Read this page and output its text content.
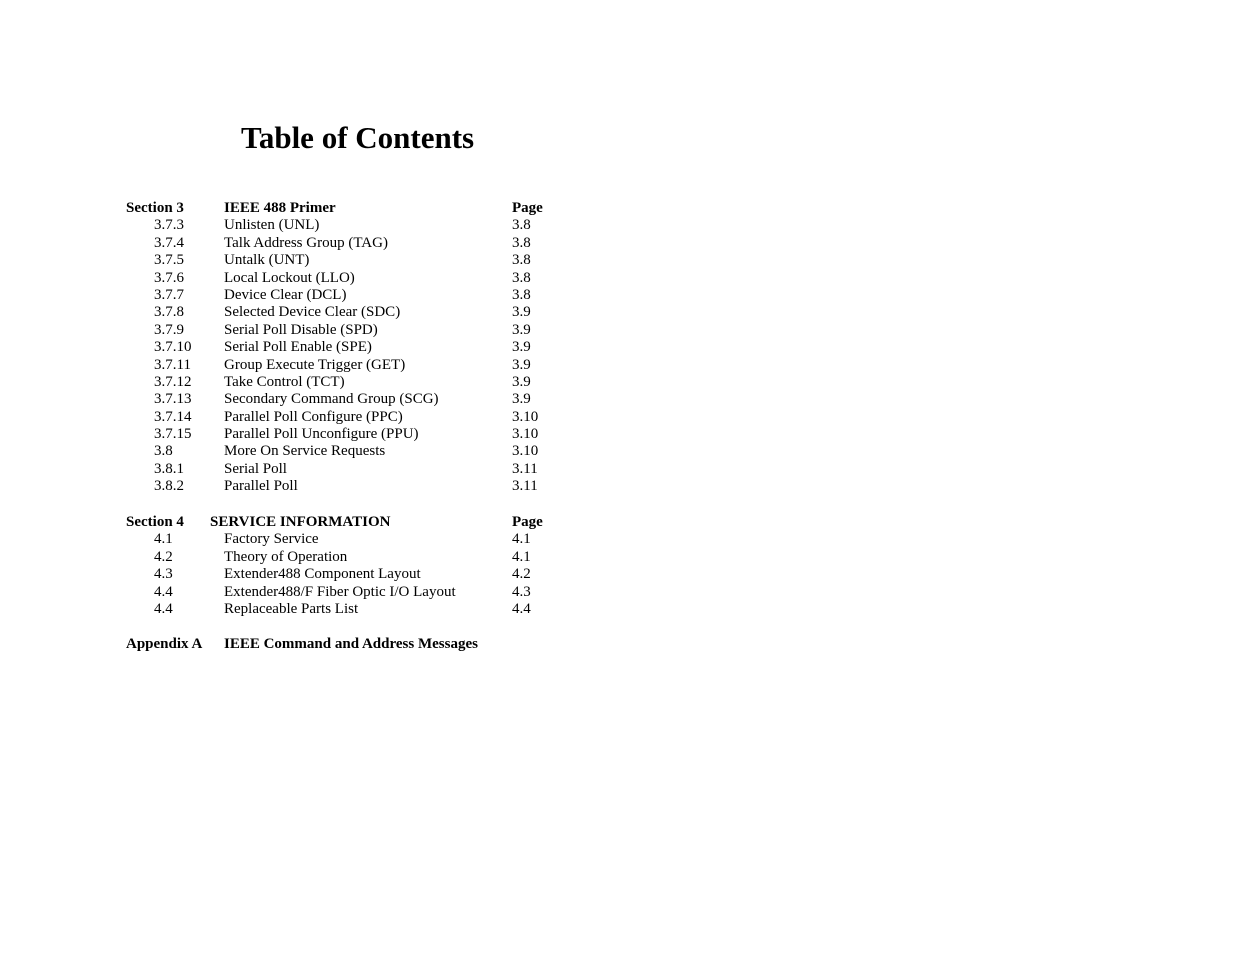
Table of Contents
Section 3	IEEE 488 Primer	Page
3.7.3	Unlisten (UNL)	3.8
3.7.4	Talk Address Group (TAG)	3.8
3.7.5	Untalk (UNT)	3.8
3.7.6	Local Lockout (LLO)	3.8
3.7.7	Device Clear (DCL)	3.8
3.7.8	Selected Device Clear (SDC)	3.9
3.7.9	Serial Poll Disable (SPD)	3.9
3.7.10 Serial Poll Enable (SPE)	3.9
3.7.11 Group Execute Trigger (GET)	3.9
3.7.12 Take Control (TCT)	3.9
3.7.13 Secondary Command Group (SCG)	3.9
3.7.14 Parallel Poll Configure (PPC)	3.10
3.7.15 Parallel Poll Unconfigure (PPU)	3.10
3.8	More On Service Requests	3.10
3.8.1	Serial Poll	3.11
3.8.2	Parallel Poll	3.11
Section 4 SERVICE INFORMATION	Page
4.1	Factory Service	4.1
4.2	Theory of Operation	4.1
4.3	Extender488 Component Layout	4.2
4.4	Extender488/F Fiber Optic I/O Layout	4.3
4.4	Replaceable Parts List	4.4
Appendix A IEEE Command and Address Messages
